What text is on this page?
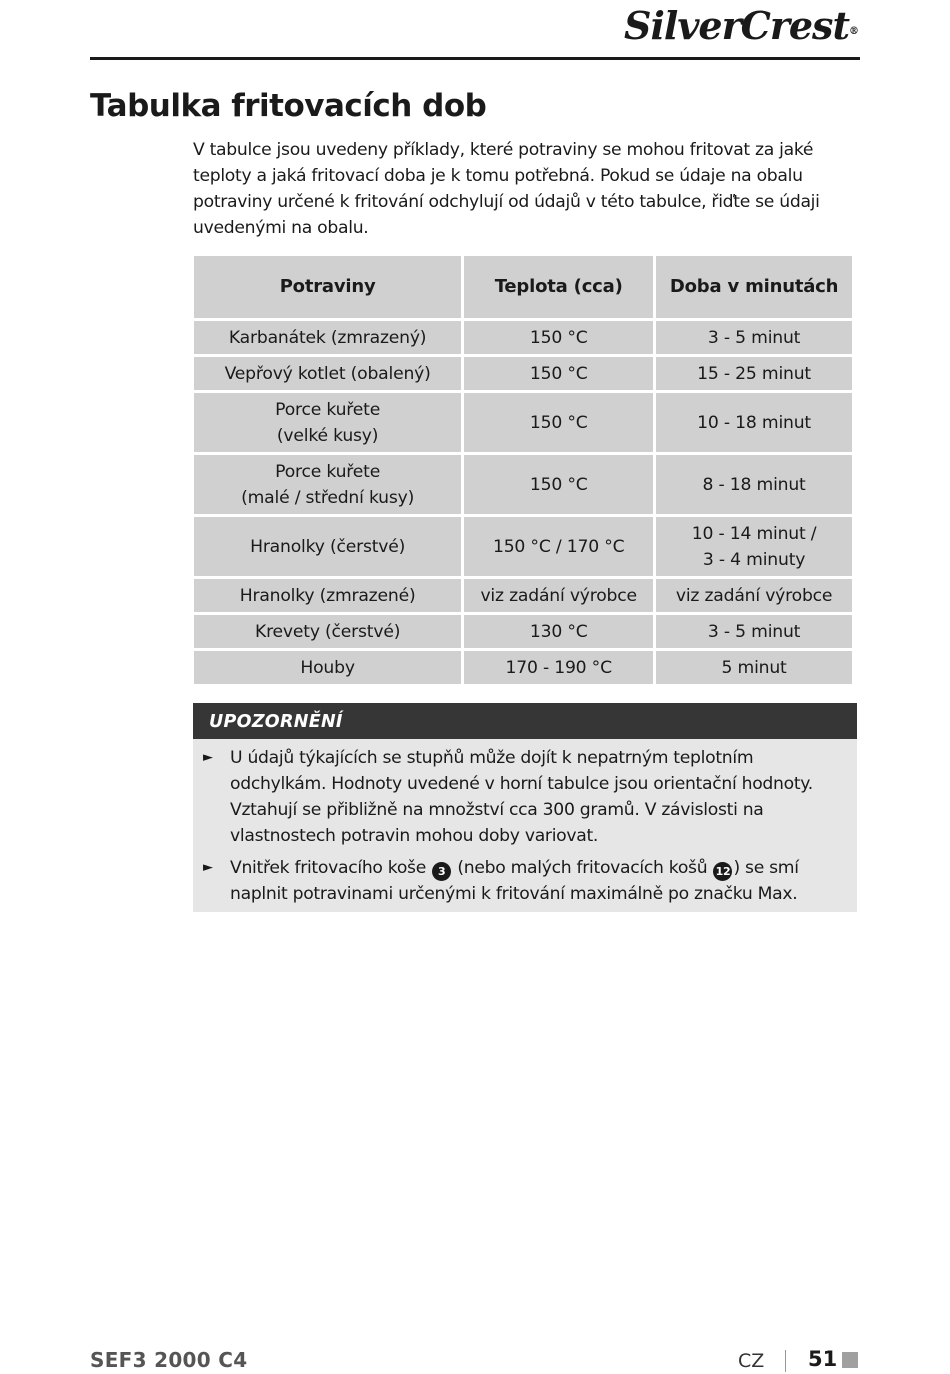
SilverCrest®
Tabulka fritovacích dob

V tabulce jsou uvedeny příklady, které potraviny se mohou fritovat za jaké teploty a jaká fritovací doba je k tomu potřebná. Pokud se údaje na obalu potraviny určené k fritování odchylují od údajů v této tabulce, řiďte se údaji uvedenými na obalu.

Potraviny	Teplota (cca)	Doba v minutách
Karbanátek (zmrazený)	150 °C	3 - 5 minut
Vepřový kotlet (obalený)	150 °C	15 - 25 minut
Porce kuřete
(velké kusy)	150 °C	10 - 18 minut
Porce kuřete
(malé / střední kusy)	150 °C	8 - 18 minut
Hranolky (čerstvé)	150 °C / 170 °C	10 - 14 minut /
3 - 4 minuty
Hranolky (zmrazené)	viz zadání výrobce	viz zadání výrobce
Krevety (čerstvé)	130 °C	3 - 5 minut
Houby	170 - 190 °C	5 minut
UPOZORNĚNÍ
► U údajů týkajících se stupňů může dojít k nepatrným teplotním odchylkám. Hodnoty uvedené v horní tabulce jsou orientační hodnoty. Vztahují se přibližně na množství cca 300 gramů. V závislosti na vlastnostech potravin mohou doby variovat.
► Vnitřek fritovacího koše 3 (nebo malých fritovacích košů 12 ) se smí naplnit potravinami určenými k fritování maximálně po značku Max.
SEF3 2000 C4	CZ 51
